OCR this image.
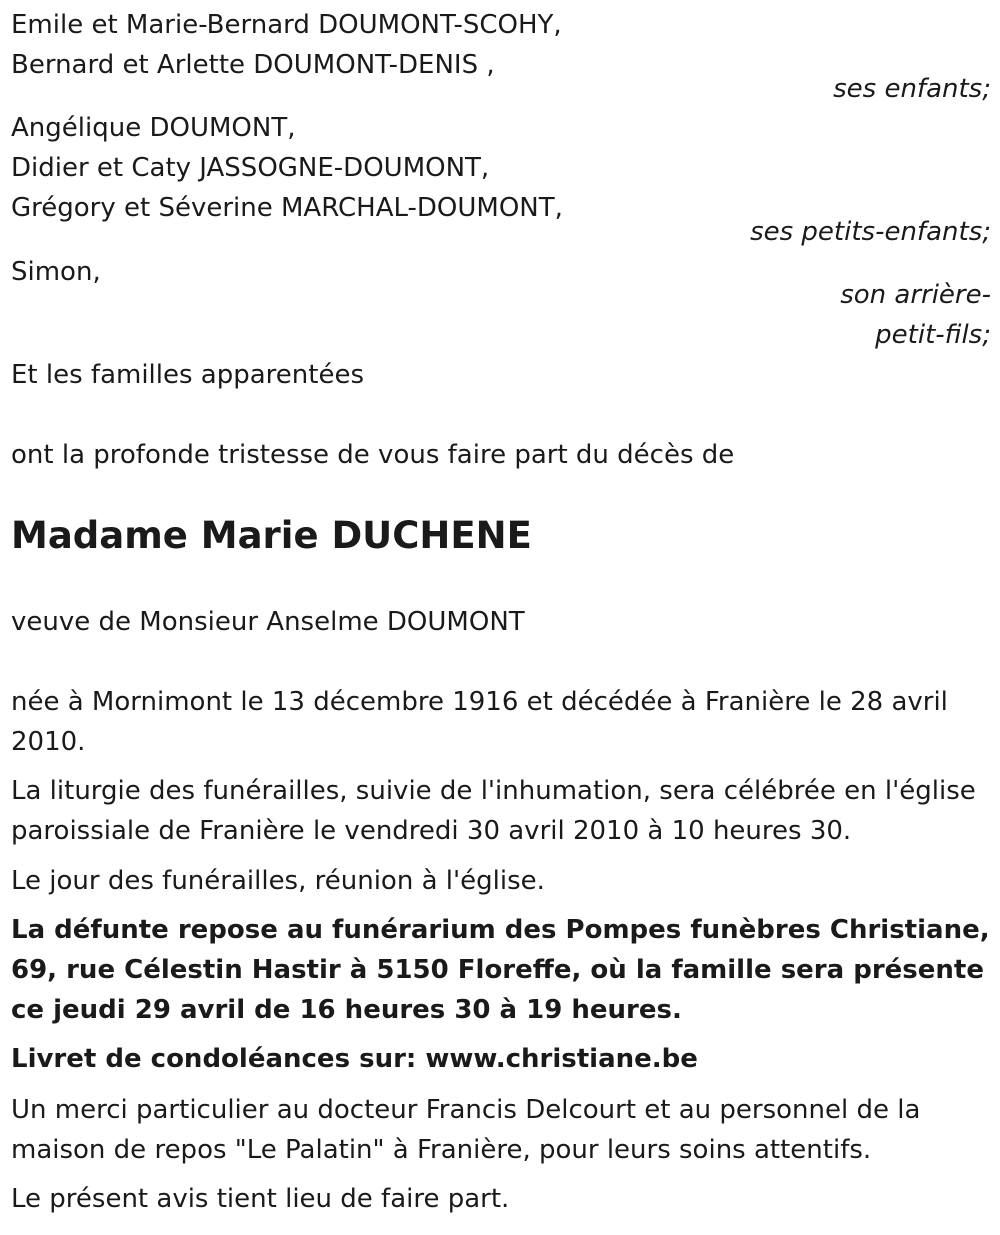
Emile et Marie-Bernard DOUMONT-SCOHY,
Bernard et Arlette DOUMONT-DENIS ,
ses enfants;
Angélique DOUMONT,
Didier et Caty JASSOGNE-DOUMONT,
Grégory et Séverine MARCHAL-DOUMONT,
ses petits-enfants;
Simon,
son arrière-
petit-fils;
Et les familles apparentées
ont la profonde tristesse de vous faire part du décès de
Madame Marie DUCHENE
veuve de Monsieur Anselme DOUMONT
née à Mornimont le 13 décembre 1916 et décédée à Franière le 28 avril 2010.
La liturgie des funérailles, suivie de l'inhumation, sera célébrée en l'église paroissiale de Franière le vendredi 30 avril 2010 à 10 heures 30.
Le jour des funérailles, réunion à l'église.
La défunte repose au funérarium des Pompes funèbres Christiane, 69, rue Célestin Hastir à 5150 Floreffe, où la famille sera présente ce jeudi 29 avril de 16 heures 30 à 19 heures.
Livret de condoléances sur: www.christiane.be
Un merci particulier au docteur Francis Delcourt et au personnel de la maison de repos "Le Palatin" à Franière, pour leurs soins attentifs.
Le présent avis tient lieu de faire part.
